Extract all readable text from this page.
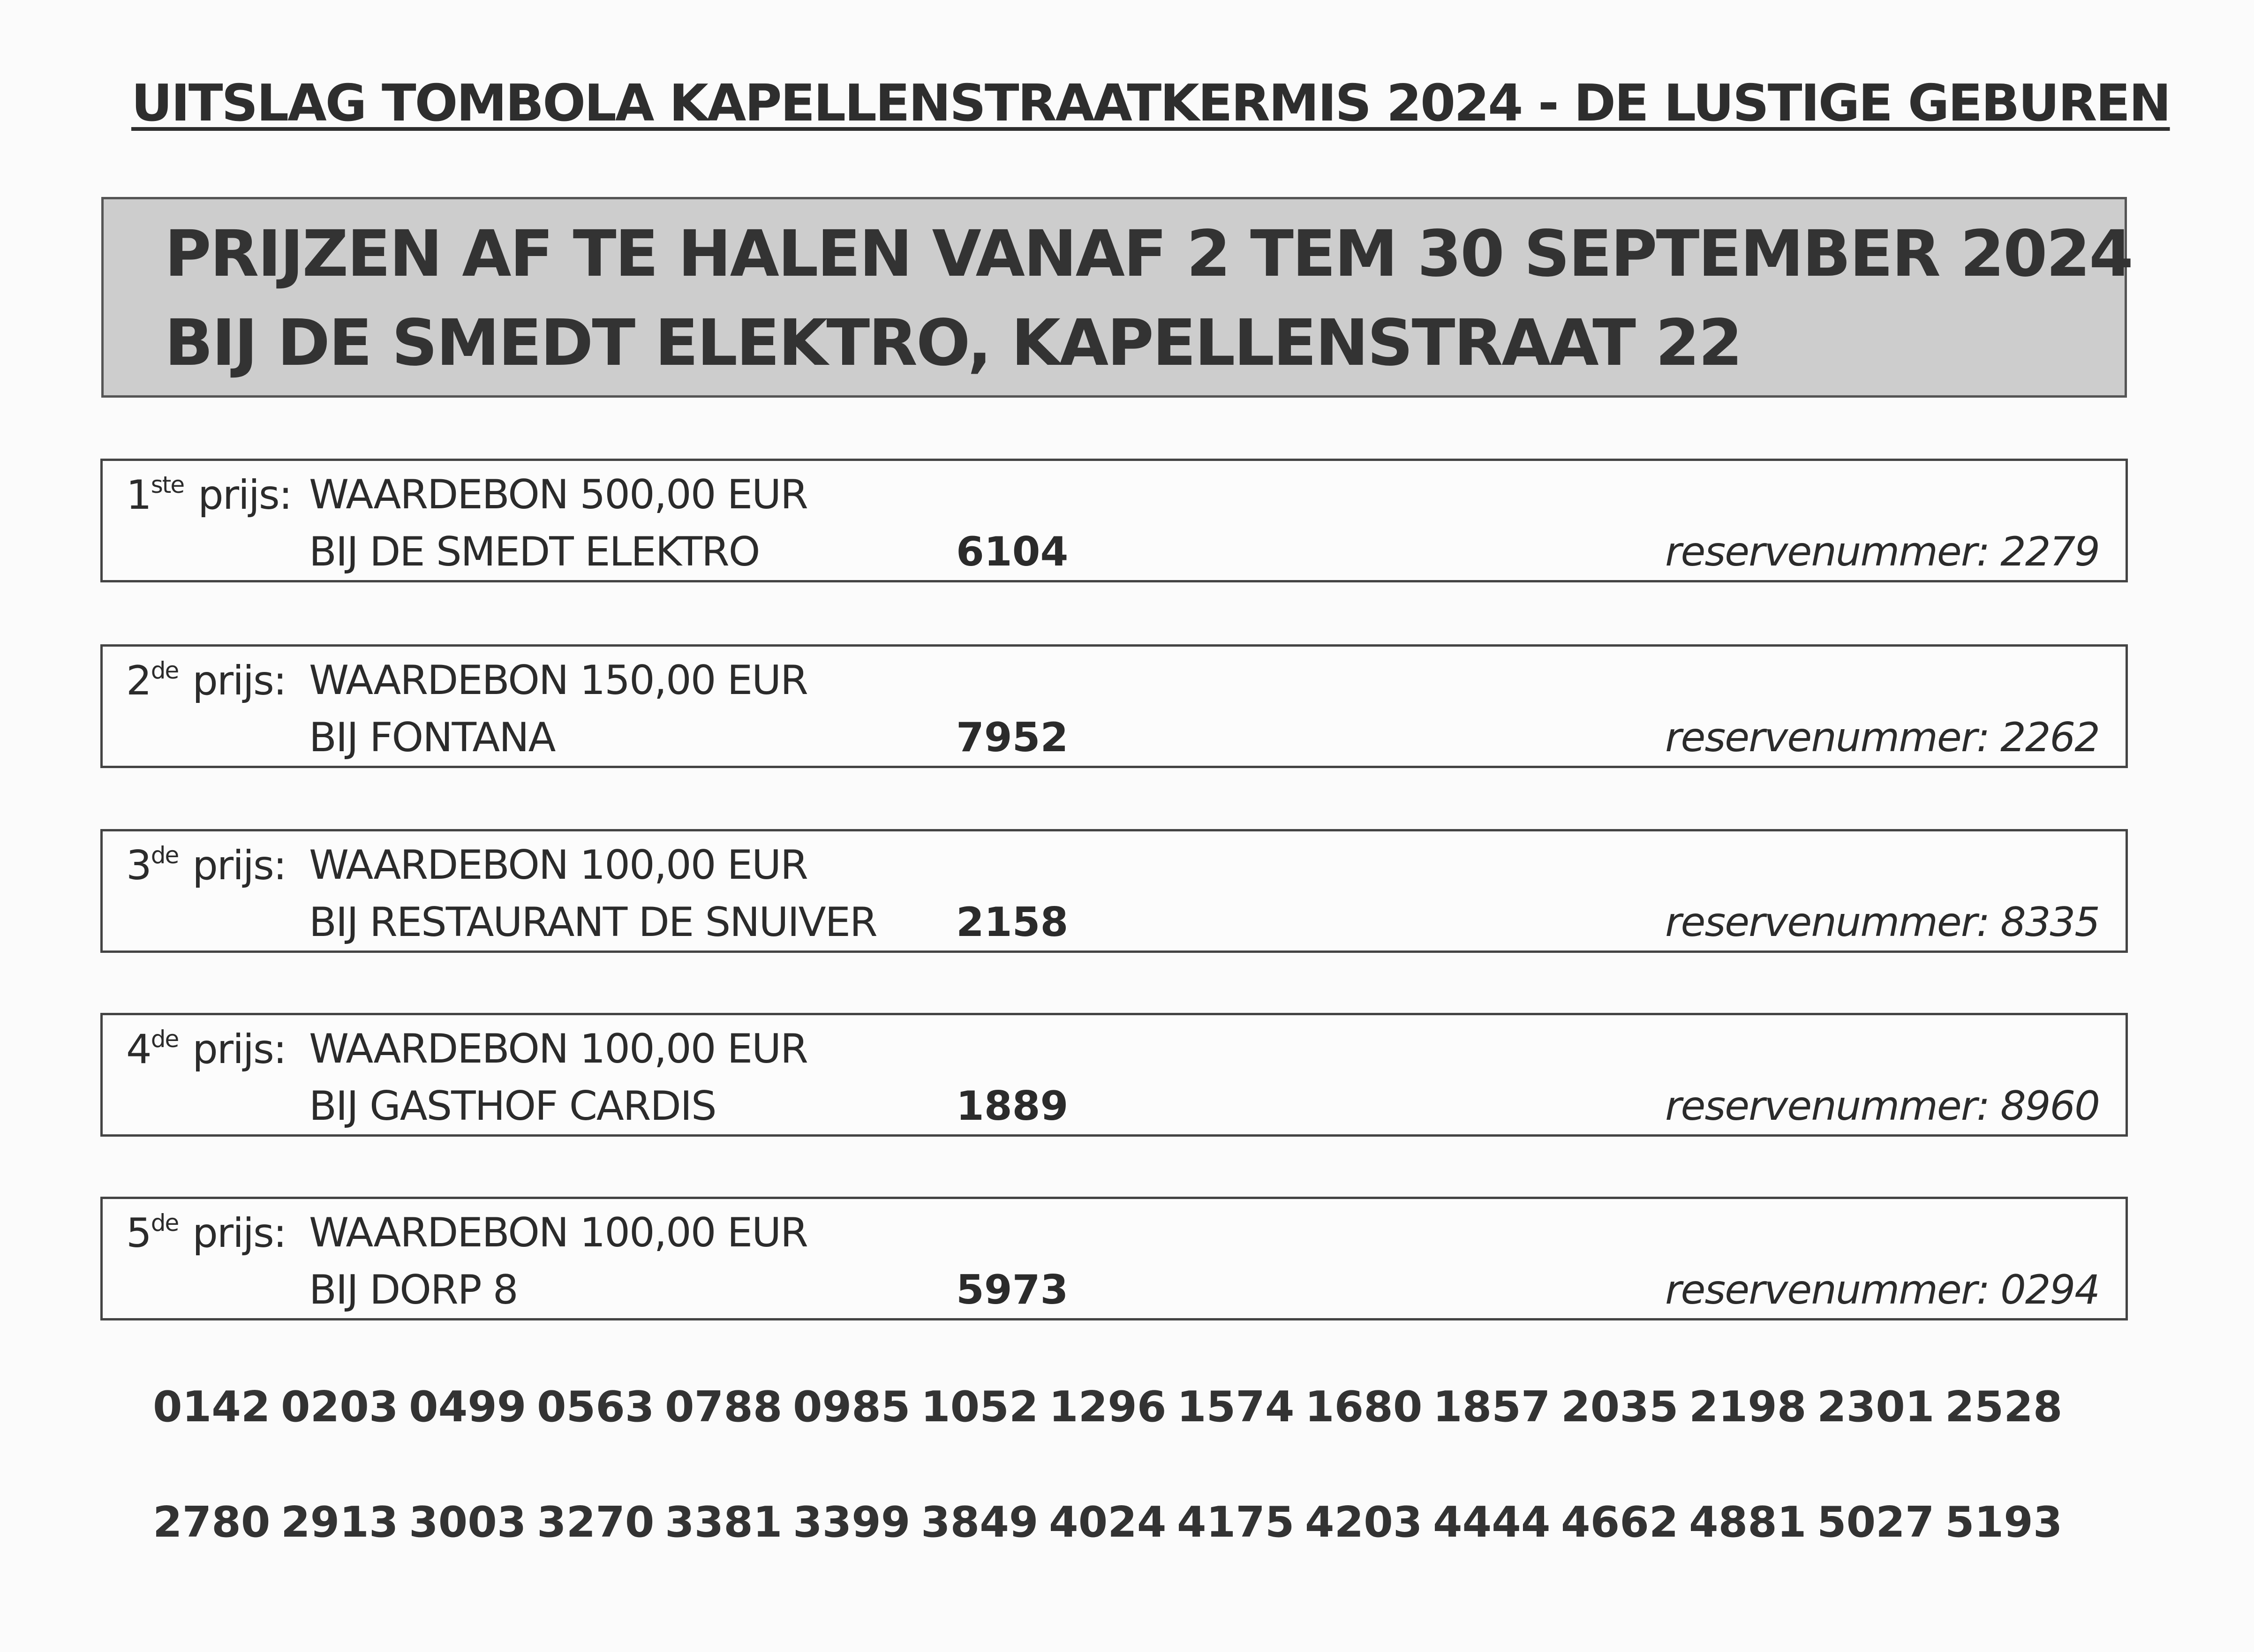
UITSLAG TOMBOLA KAPELLENSTRAATKERMIS 2024 - DE LUSTIGE GEBUREN
PRIJZEN AF TE HALEN VANAF 2 TEM 30 SEPTEMBER 2024
BIJ DE SMEDT ELEKTRO, KAPELLENSTRAAT 22
1ste prijs: WAARDEBON 500,00 EUR
BIJ DE SMEDT ELEKTRO	6104	reservenummer: 2279
2de prijs: WAARDEBON 150,00 EUR
BIJ FONTANA	7952	reservenummer: 2262
3de prijs: WAARDEBON 100,00 EUR
BIJ RESTAURANT DE SNUIVER 2158	reservenummer: 8335
4de prijs: WAARDEBON 100,00 EUR
BIJ GASTHOF CARDIS	1889	reservenummer: 8960
5de prijs: WAARDEBON 100,00 EUR
BIJ DORP 8	5973	reservenummer: 0294
0142 0203 0499 0563 0788 0985 1052 1296 1574 1680 1857 2035 2198 2301 2528
2780 2913 3003 3270 3381 3399 3849 4024 4175 4203 4444 4662 4881 5027 5193
